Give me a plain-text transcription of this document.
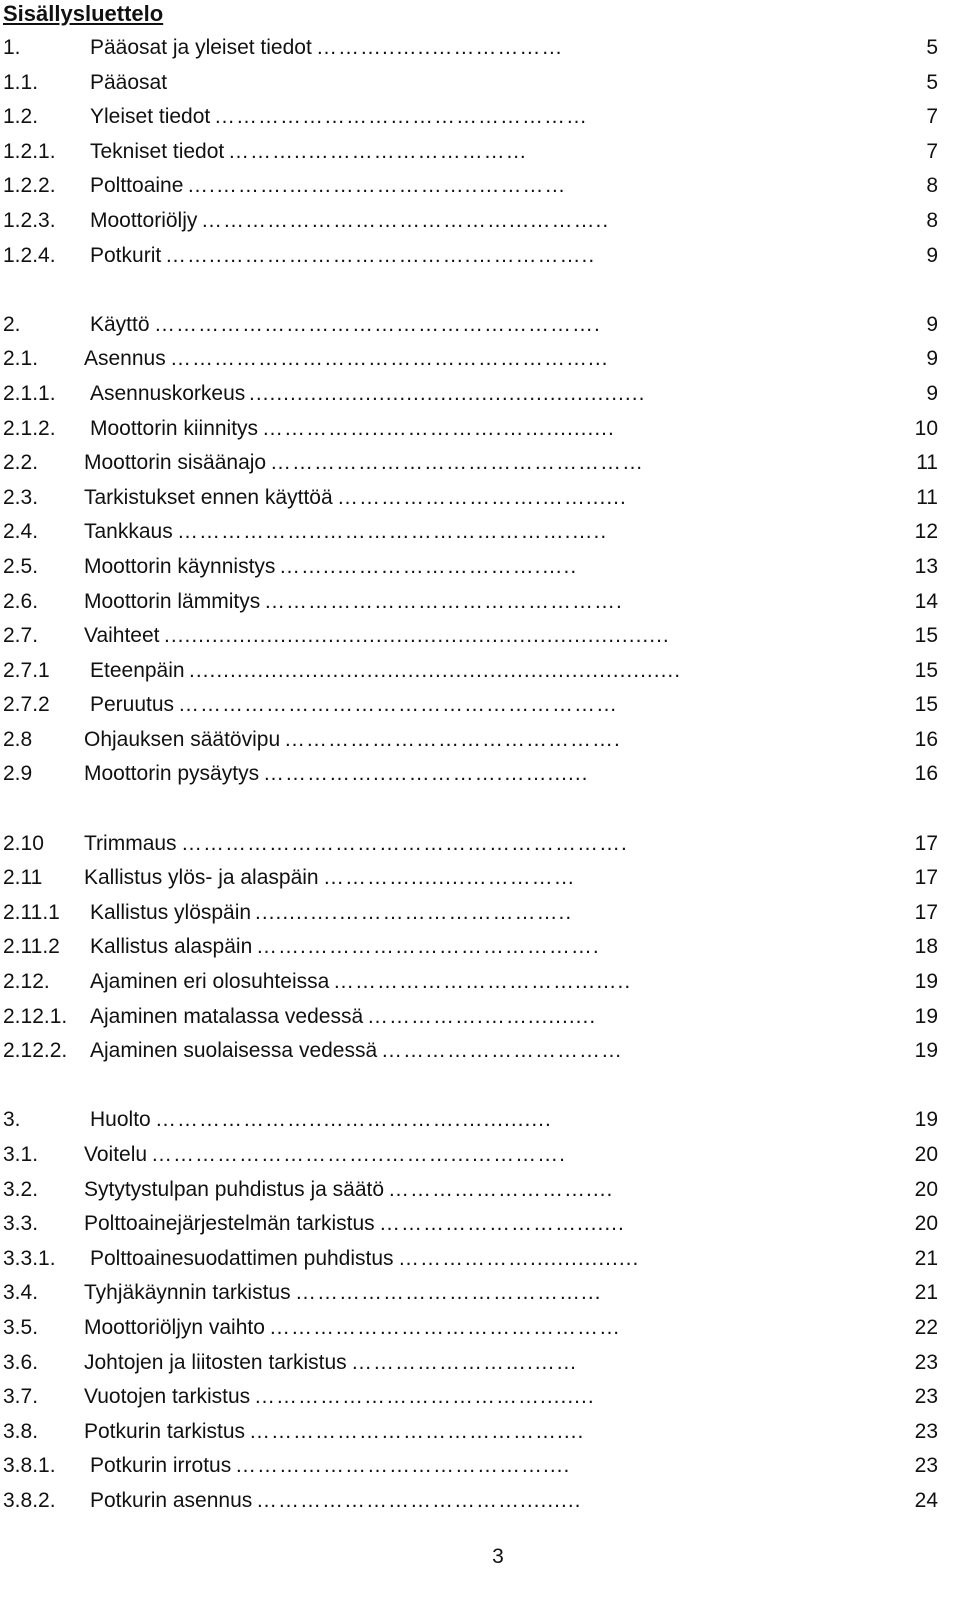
Sisällysluettelo
1.	Pääosat ja yleiset tiedot ………..…..………………	5
1.1. Pääosat	5
1.2. Yleiset tiedot ……………………………………………	7
1.2.1. Tekniset tiedot ………..…………………………	7
1.2.2. Polttoaine ….……….……………………..…………	8
1.2.3. Moottoriöljy ……………………………………...………..	8
1.2.4. Potkurit ……..…………………………….……………..	9
2.	Käyttö …………………………………………………….	9
2.1. Asennus …………………………………………………...	9
2.1.1. Asennuskorkeus ..........................................................	9
2.1.2. Moottorin kiinnitys ……………..…………….……..........	10
2.2. Moottorin sisäänajo ……………………………………………	11
2.3. Tarkistukset ennen käyttöä ……………………….……......	11
2.4. Tankkaus ………………..…………………………….…..	12
2.5. Moottorin käynnistys ……..……………………….…..	13
2.6. Moottorin lämmitys ………………………………………….	14
2.7. Vaihteet ..........................................................................	15
2.7.1 Eteenpäin ........................................................................	15
2.7.2 Peruutus ……………………………………………………	15
2.8 Ohjauksen säätövipu ……………………………………….	16
2.9 Moottorin pysäytys ……………..…………….……......	16
2.10 Trimmaus …………………………………………………….	17
2.11 Kallistus ylös- ja alaspäin …………........……………	17
2.11.1 Kallistus ylöspäin ........….…………………………..	17
2.11.2 Kallistus alaspäin …….………………………………….	18
2.12. Ajaminen eri olosuhteissa ……………………………...…..	19
2.12.1. Ajaminen matalassa vedessä …………….……..........	19
2.12.2. Ajaminen suolaisessa vedessä ……………………………	19
3.	Huolto …………………..……………….…..........	19
3.1. Voitelu …………………………..………...………….	20
3.2. Sytytystulpan puhdistus ja säätö ………………………....	20
3.3. Polttoainejärjestelmän tarkistus ……………………….......	20
3.3.1. Polttoainesuodattimen puhdistus ………………................	21
3.4. Tyhjäkäynnin tarkistus …………………………………...	21
3.5. Moottoriöljyn vaihto …………………………………………	22
3.6. Johtojen ja liitosten tarkistus …………………….……	23
3.7. Vuotojen tarkistus …………………………………........	23
3.8. Potkurin tarkistus ……………………………………....	23
3.8.1. Potkurin irrotus ……………………………………....	23
3.8.2. Potkurin asennus ……………………………….........	24
3
